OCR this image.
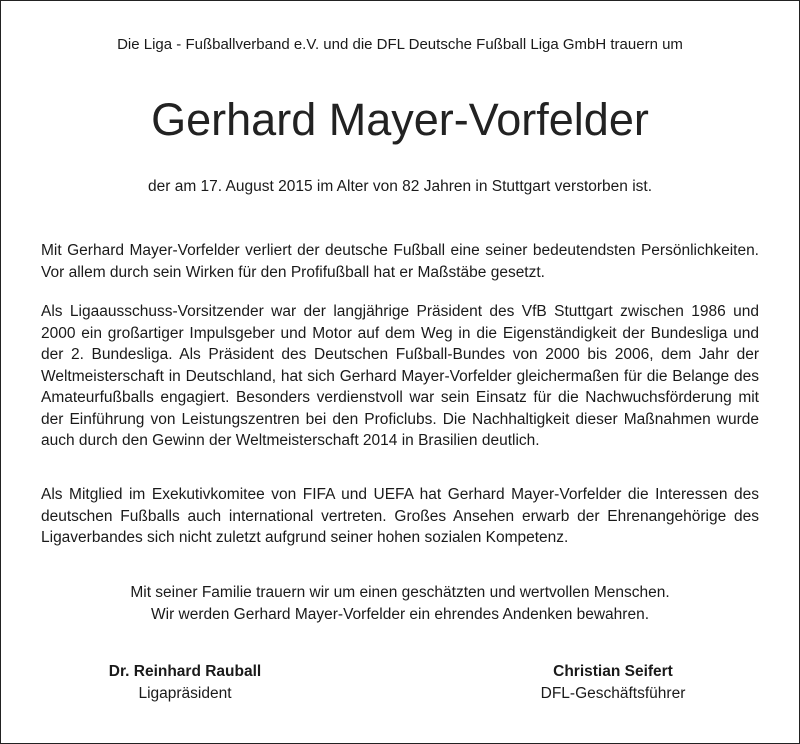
Die Liga - Fußballverband e.V. und die DFL Deutsche Fußball Liga GmbH trauern um
Gerhard Mayer-Vorfelder
der am 17. August 2015 im Alter von 82 Jahren in Stuttgart verstorben ist.

Mit Gerhard Mayer-Vorfelder verliert der deutsche Fußball eine seiner bedeutendsten Persönlichkeiten. Vor allem durch sein Wirken für den Profifußball hat er Maßstäbe gesetzt.

Als Ligaausschuss-Vorsitzender war der langjährige Präsident des VfB Stuttgart zwischen 1986 und 2000 ein großartiger Impulsgeber und Motor auf dem Weg in die Eigenständigkeit der Bundesliga und der 2. Bundesliga. Als Präsident des Deutschen Fußball-Bundes von 2000 bis 2006, dem Jahr der Weltmeisterschaft in Deutschland, hat sich Gerhard Mayer-Vorfelder gleichermaßen für die Belange des Amateurfußballs engagiert. Besonders verdienstvoll war sein Einsatz für die Nachwuchsförderung mit der Einführung von Leistungszentren bei den Proficlubs. Die Nachhaltigkeit dieser Maßnahmen wurde auch durch den Gewinn der Weltmeisterschaft 2014 in Brasilien deutlich.

Als Mitglied im Exekutivkomitee von FIFA und UEFA hat Gerhard Mayer-Vorfelder die Interessen des deutschen Fußballs auch international vertreten. Großes Ansehen erwarb der Ehrenangehörige des Ligaverbandes sich nicht zuletzt aufgrund seiner hohen sozialen Kompetenz.

Mit seiner Familie trauern wir um einen geschätzten und wertvollen Menschen.
Wir werden Gerhard Mayer-Vorfelder ein ehrendes Andenken bewahren.
Dr. Reinhard Rauball
Ligapräsident
Christian Seifert
DFL-Geschäftsführer
